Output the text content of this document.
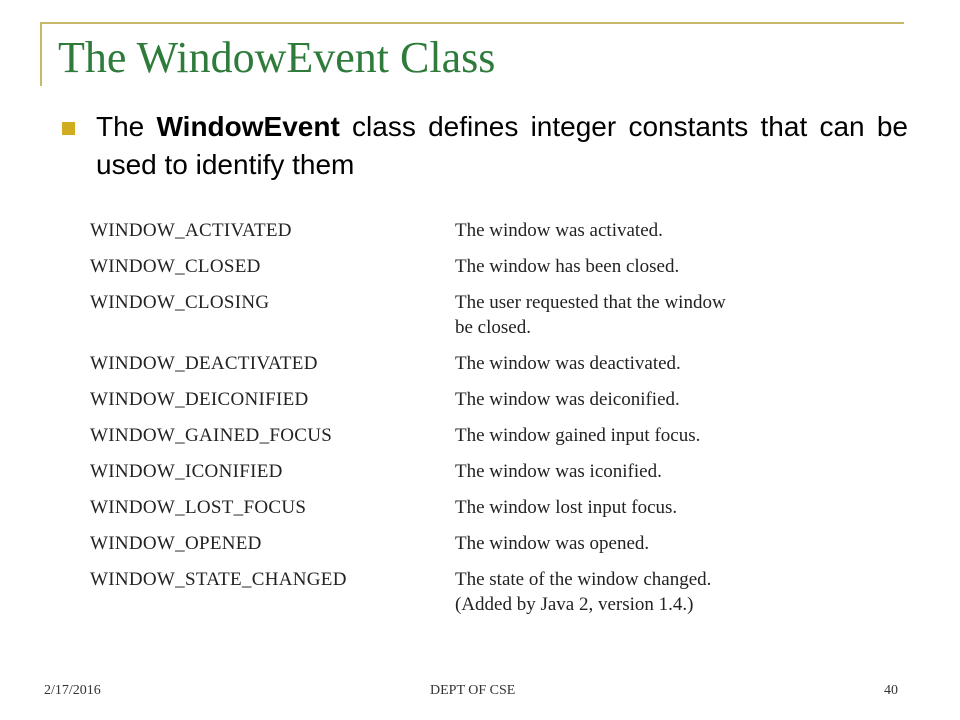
The WindowEvent Class

The WindowEvent class defines integer constants that can be used to identify them

WINDOW_ACTIVATED	The window was activated.
WINDOW_CLOSED	The window has been closed.
WINDOW_CLOSING	The user requested that the window
be closed.
WINDOW_DEACTIVATED	The window was deactivated.
WINDOW_DEICONIFIED	The window was deiconified.
WINDOW_GAINED_FOCUS	The window gained input focus.
WINDOW_ICONIFIED	The window was iconified.
WINDOW_LOST_FOCUS	The window lost input focus.
WINDOW_OPENED	The window was opened.
WINDOW_STATE_CHANGED	The state of the window changed.
(Added by Java 2, version 1.4.)
2/17/2016	DEPT OF CSE	40
